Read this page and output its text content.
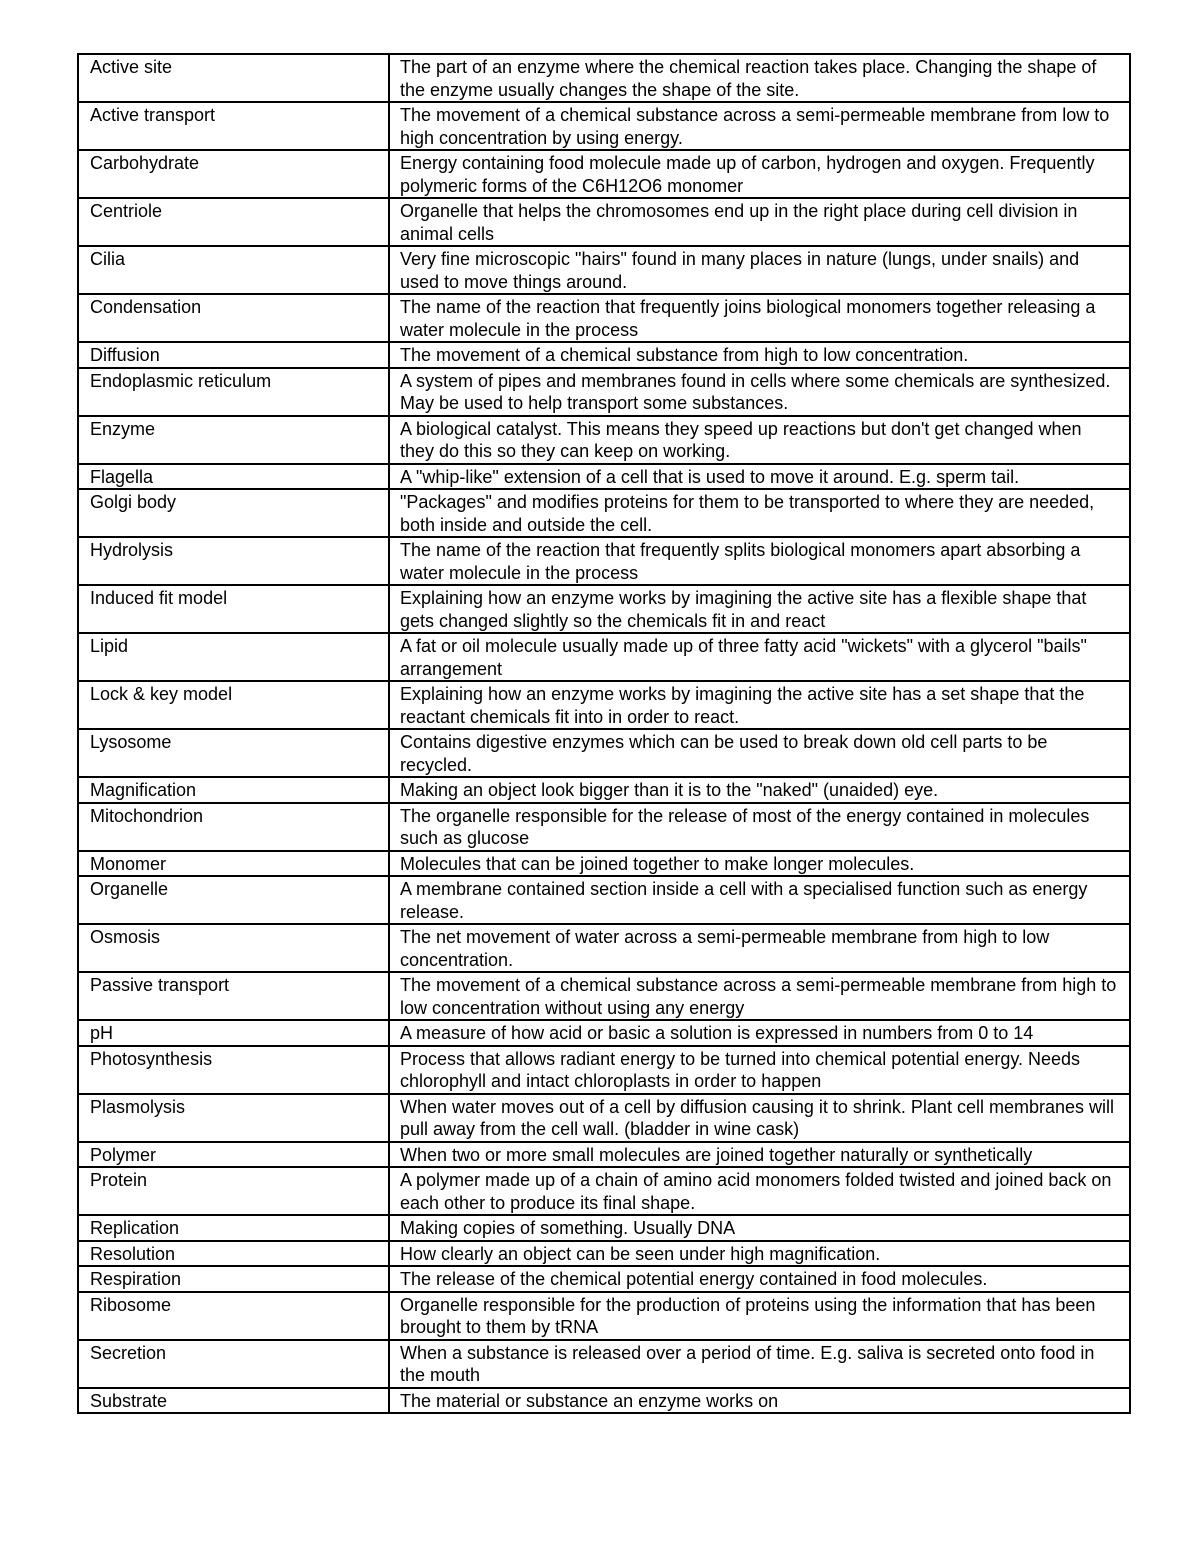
Active site	The part of an enzyme where the chemical reaction takes place. Changing the shape of the enzyme usually changes the shape of the site.
Active transport	The movement of a chemical substance across a semi-permeable membrane from low to high concentration by using energy.
Carbohydrate	Energy containing food molecule made up of carbon, hydrogen and oxygen. Frequently polymeric forms of the C6H12O6 monomer
Centriole	Organelle that helps the chromosomes end up in the right place during cell division in animal cells
Cilia	Very fine microscopic "hairs" found in many places in nature (lungs, under snails) and used to move things around.
Condensation	The name of the reaction that frequently joins biological monomers together releasing a water molecule in the process
Diffusion	The movement of a chemical substance from high to low concentration.
Endoplasmic reticulum	A system of pipes and membranes found in cells where some chemicals are synthesized. May be used to help transport some substances.
Enzyme	A biological catalyst. This means they speed up reactions but don't get changed when they do this so they can keep on working.
Flagella	A "whip-like" extension of a cell that is used to move it around. E.g. sperm tail.
Golgi body	"Packages" and modifies proteins for them to be transported to where they are needed, both inside and outside the cell.
Hydrolysis	The name of the reaction that frequently splits biological monomers apart absorbing a water molecule in the process
Induced fit model	Explaining how an enzyme works by imagining the active site has a flexible shape that gets changed slightly so the chemicals fit in and react
Lipid	A fat or oil molecule usually made up of three fatty acid "wickets" with a glycerol "bails" arrangement
Lock & key model	Explaining how an enzyme works by imagining the active site has a set shape that the reactant chemicals fit into in order to react.
Lysosome	Contains digestive enzymes which can be used to break down old cell parts to be recycled.
Magnification	Making an object look bigger than it is to the "naked" (unaided) eye.
Mitochondrion	The organelle responsible for the release of most of the energy contained in molecules such as glucose
Monomer	Molecules that can be joined together to make longer molecules.
Organelle	A membrane contained section inside a cell with a specialised function such as energy release.
Osmosis	The net movement of water across a semi-permeable membrane from high to low concentration.
Passive transport	The movement of a chemical substance across a semi-permeable membrane from high to low concentration without using any energy
pH	A measure of how acid or basic a solution is expressed in numbers from 0 to 14
Photosynthesis	Process that allows radiant energy to be turned into chemical potential energy. Needs chlorophyll and intact chloroplasts in order to happen
Plasmolysis	When water moves out of a cell by diffusion causing it to shrink. Plant cell membranes will pull away from the cell wall. (bladder in wine cask)
Polymer	When two or more small molecules are joined together naturally or synthetically
Protein	A polymer made up of a chain of amino acid monomers folded twisted and joined back on each other to produce its final shape.
Replication	Making copies of something. Usually DNA
Resolution	How clearly an object can be seen under high magnification.
Respiration	The release of the chemical potential energy contained in food molecules.
Ribosome	Organelle responsible for the production of proteins using the information that has been brought to them by tRNA
Secretion	When a substance is released over a period of time. E.g. saliva is secreted onto food in the mouth
Substrate	The material or substance an enzyme works on
